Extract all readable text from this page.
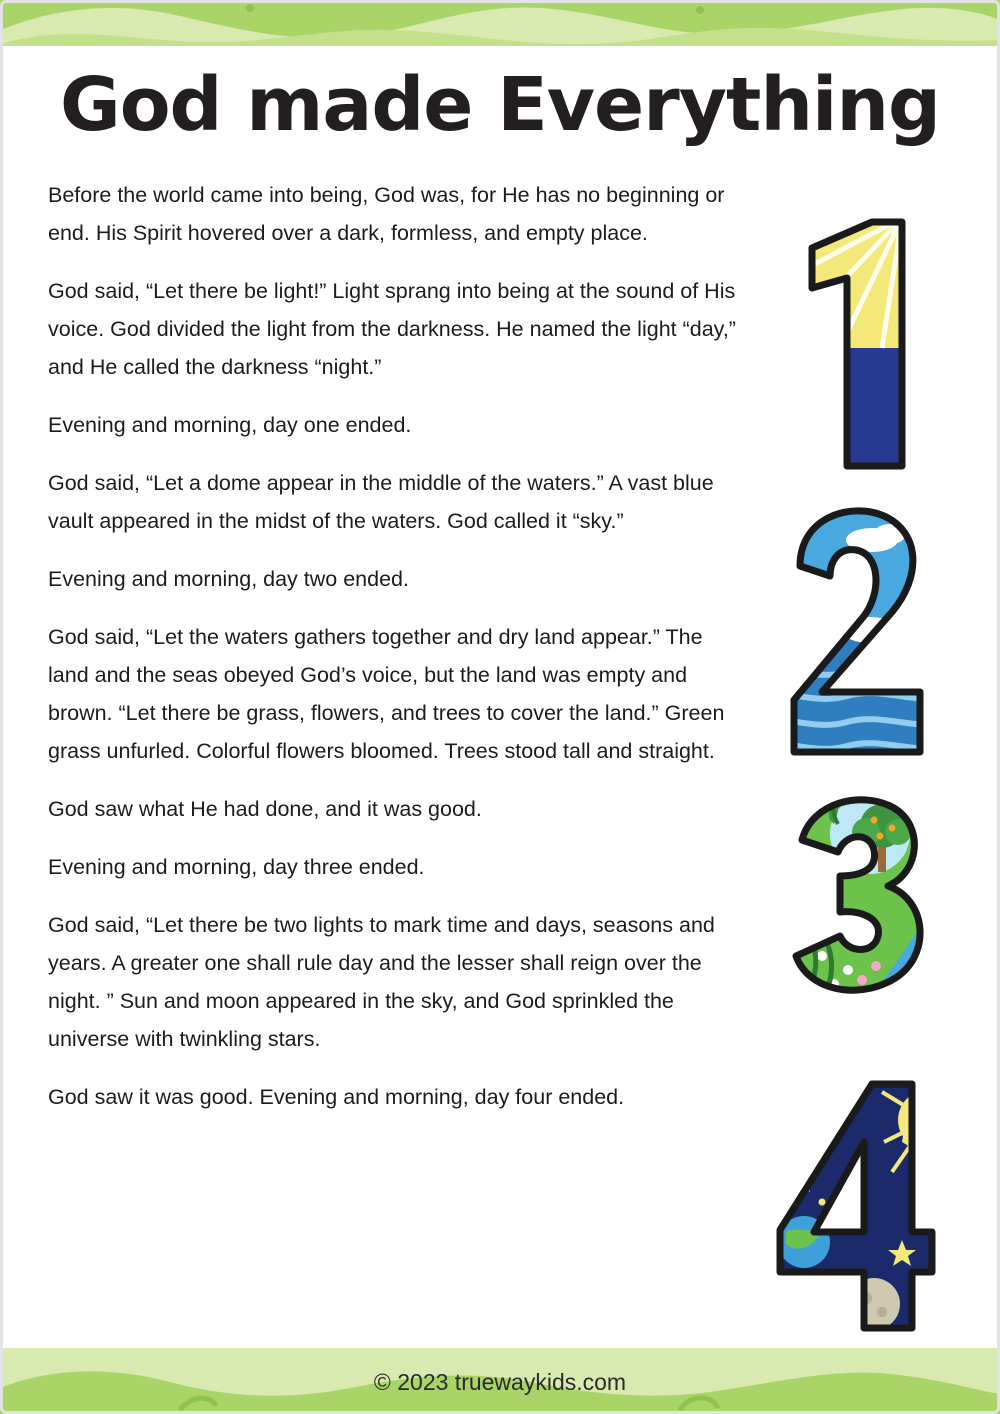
God made Everything

Before the world came into being, God was, for He has no beginning or end. His Spirit hovered over a dark, formless, and empty place.

God said, “Let there be light!” Light sprang into being at the sound of His voice. God divided the light from the darkness. He named the light “day,” and He called the darkness “night.”

Evening and morning, day one ended.

God said, “Let a dome appear in the middle of the waters.” A vast blue vault appeared in the midst of the waters. God called it “sky.”

Evening and morning, day two ended.

God said, “Let the waters gathers together and dry land appear.” The land and the seas obeyed God’s voice, but the land was empty and brown. “Let there be grass, flowers, and trees to cover the land.” Green grass unfurled. Colorful flowers bloomed. Trees stood tall and straight.

God saw what He had done, and it was good.

Evening and morning, day three ended.

God said, “Let there be two lights to mark time and days, seasons and years. A greater one shall rule day and the lesser shall reign over the night. ” Sun and moon appeared in the sky, and God sprinkled the universe with twinkling stars.

God saw it was good. Evening and morning, day four ended.

© 2023 truewaykids.com
